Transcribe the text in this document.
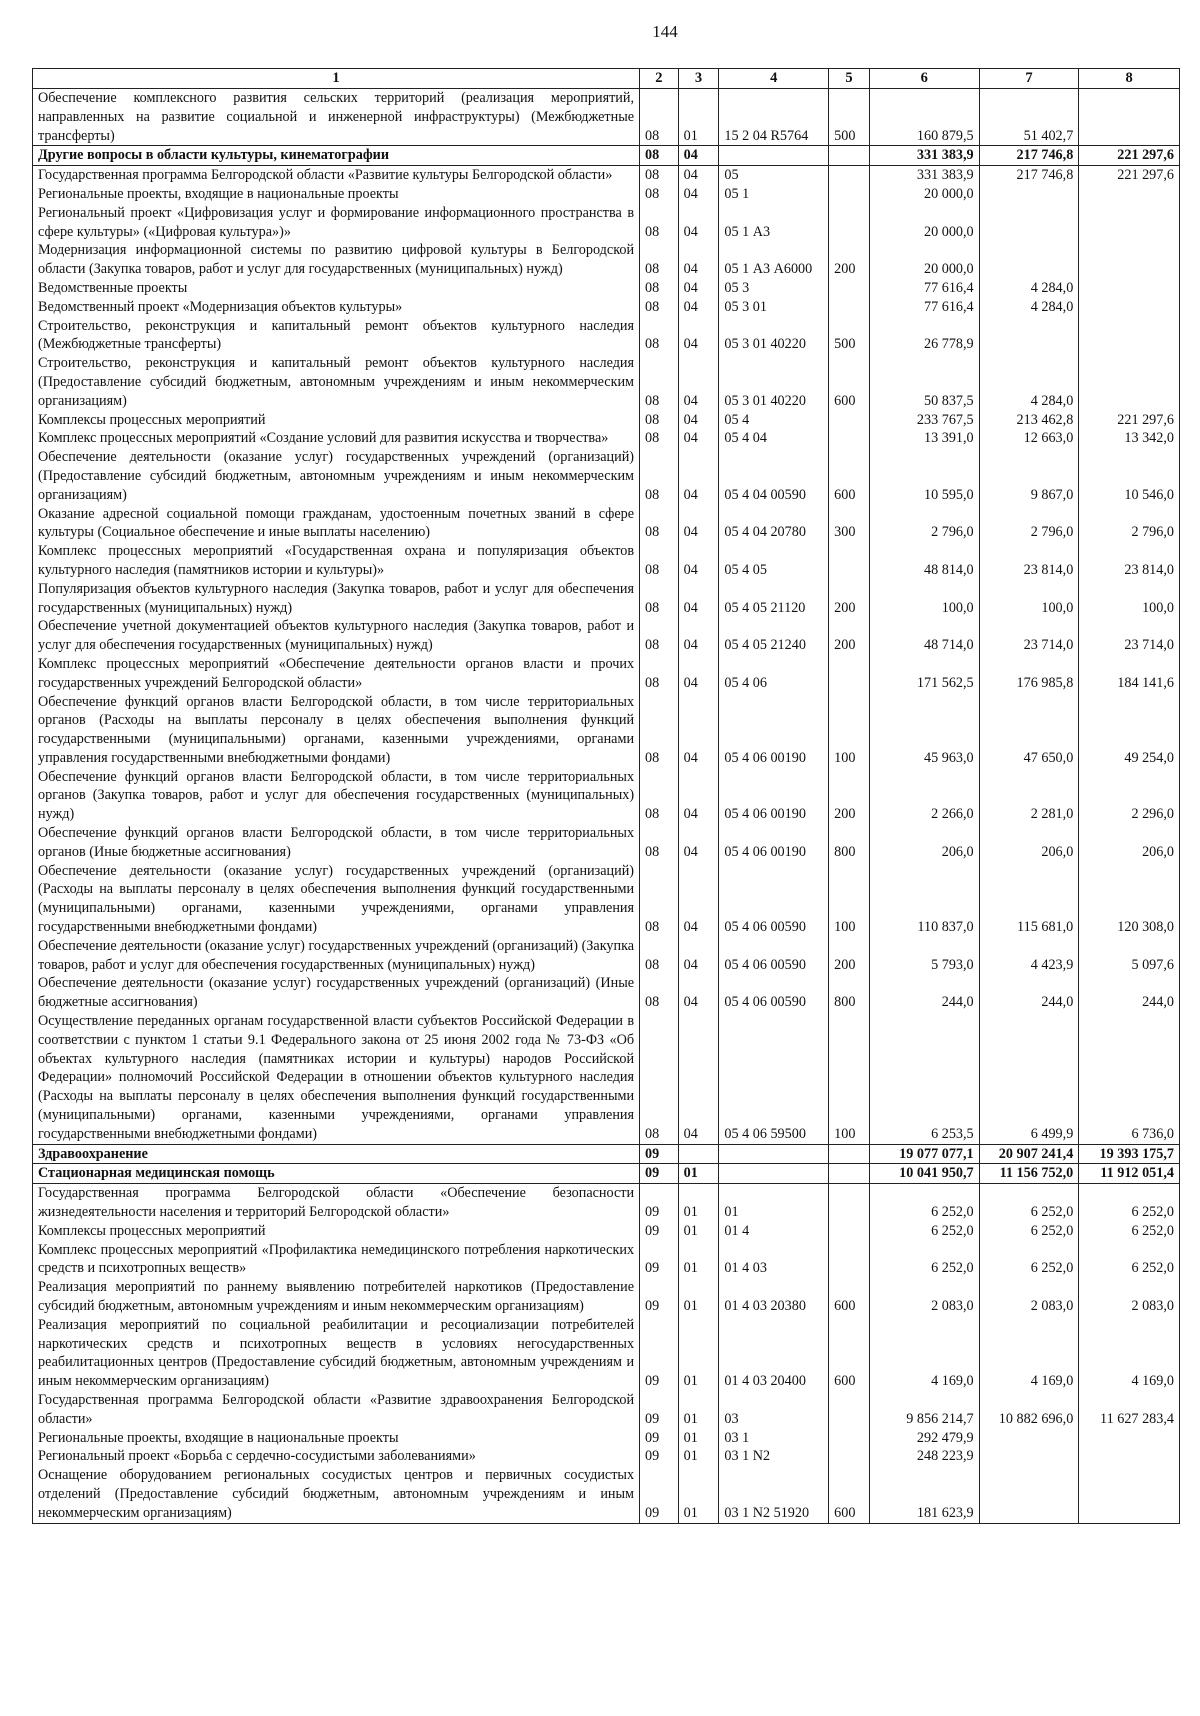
144
1	2	3	4	5	6	7	8
Обеспечение комплексного развития сельских территорий (реализация мероприятий, направленных на развитие социальной и инженерной инфраструктуры) (Межбюджетные трансферты)	08	01	15 2 04 R5764	500	160 879,5	51 402,7	
Другие вопросы в области культуры, кинематографии	08	04			331 383,9	217 746,8	221 297,6
Государственная программа Белгородской области «Развитие культуры Белгородской области»	08	04	05		331 383,9	217 746,8	221 297,6
Региональные проекты, входящие в национальные проекты	08	04	05 1		20 000,0		
Региональный проект «Цифровизация услуг и формирование информационного пространства в сфере культуры» («Цифровая культура»)»	08	04	05 1 А3		20 000,0		
Модернизация информационной системы по развитию цифровой культуры в Белгородской области (Закупка товаров, работ и услуг для государственных (муниципальных) нужд)	08	04	05 1 А3 А6000	200	20 000,0		
Ведомственные проекты	08	04	05 3		77 616,4	4 284,0	
Ведомственный проект «Модернизация объектов культуры»	08	04	05 3 01		77 616,4	4 284,0	
Строительство, реконструкция и капитальный ремонт объектов культурного наследия (Межбюджетные трансферты)	08	04	05 3 01 40220	500	26 778,9		
Строительство, реконструкция и капитальный ремонт объектов культурного наследия (Предоставление субсидий бюджетным, автономным учреждениям и иным некоммерческим организациям)	08	04	05 3 01 40220	600	50 837,5	4 284,0	
Комплексы процессных мероприятий	08	04	05 4		233 767,5	213 462,8	221 297,6
Комплекс процессных мероприятий «Создание условий для развития искусства и творчества»	08	04	05 4 04		13 391,0	12 663,0	13 342,0
Обеспечение деятельности (оказание услуг) государственных учреждений (организаций) (Предоставление субсидий бюджетным, автономным учреждениям и иным некоммерческим организациям)	08	04	05 4 04 00590	600	10 595,0	9 867,0	10 546,0
Оказание адресной социальной помощи гражданам, удостоенным почетных званий в сфере культуры (Социальное обеспечение и иные выплаты населению)	08	04	05 4 04 20780	300	2 796,0	2 796,0	2 796,0
Комплекс процессных мероприятий «Государственная охрана и популяризация объектов культурного наследия (памятников истории и культуры)»	08	04	05 4 05		48 814,0	23 814,0	23 814,0
Популяризация объектов культурного наследия (Закупка товаров, работ и услуг для обеспечения государственных (муниципальных) нужд)	08	04	05 4 05 21120	200	100,0	100,0	100,0
Обеспечение учетной документацией объектов культурного наследия (Закупка товаров, работ и услуг для обеспечения государственных (муниципальных) нужд)	08	04	05 4 05 21240	200	48 714,0	23 714,0	23 714,0
Комплекс процессных мероприятий «Обеспечение деятельности органов власти и прочих государственных учреждений Белгородской области»	08	04	05 4 06		171 562,5	176 985,8	184 141,6
Обеспечение функций органов власти Белгородской области, в том числе территориальных органов (Расходы на выплаты персоналу в целях обеспечения выполнения функций государственными (муниципальными) органами, казенными учреждениями, органами управления государственными внебюджетными фондами)	08	04	05 4 06 00190	100	45 963,0	47 650,0	49 254,0
Обеспечение функций органов власти Белгородской области, в том числе территориальных органов (Закупка товаров, работ и услуг для обеспечения государственных (муниципальных) нужд)	08	04	05 4 06 00190	200	2 266,0	2 281,0	2 296,0
Обеспечение функций органов власти Белгородской области, в том числе территориальных органов (Иные бюджетные ассигнования)	08	04	05 4 06 00190	800	206,0	206,0	206,0
Обеспечение деятельности (оказание услуг) государственных учреждений (организаций) (Расходы на выплаты персоналу в целях обеспечения выполнения функций государственными (муниципальными) органами, казенными учреждениями, органами управления государственными внебюджетными фондами)	08	04	05 4 06 00590	100	110 837,0	115 681,0	120 308,0
Обеспечение деятельности (оказание услуг) государственных учреждений (организаций) (Закупка товаров, работ и услуг для обеспечения государственных (муниципальных) нужд)	08	04	05 4 06 00590	200	5 793,0	4 423,9	5 097,6
Обеспечение деятельности (оказание услуг) государственных учреждений (организаций) (Иные бюджетные ассигнования)	08	04	05 4 06 00590	800	244,0	244,0	244,0
Осуществление переданных органам государственной власти субъектов Российской Федерации в соответствии с пунктом 1 статьи 9.1 Федерального закона от 25 июня 2002 года № 73-ФЗ «Об объектах культурного наследия (памятниках истории и культуры) народов Российской Федерации» полномочий Российской Федерации в отношении объектов культурного наследия (Расходы на выплаты персоналу в целях обеспечения выполнения функций государственными (муниципальными) органами, казенными учреждениями, органами управления государственными внебюджетными фондами)	08	04	05 4 06 59500	100	6 253,5	6 499,9	6 736,0
Здравоохранение	09				19 077 077,1	20 907 241,4	19 393 175,7
Стационарная медицинская помощь	09	01			10 041 950,7	11 156 752,0	11 912 051,4
Государственная программа Белгородской области «Обеспечение безопасности жизнедеятельности населения и территорий Белгородской области»	09	01	01		6 252,0	6 252,0	6 252,0
Комплексы процессных мероприятий	09	01	01 4		6 252,0	6 252,0	6 252,0
Комплекс процессных мероприятий «Профилактика немедицинского потребления наркотических средств и психотропных веществ»	09	01	01 4 03		6 252,0	6 252,0	6 252,0
Реализация мероприятий по раннему выявлению потребителей наркотиков (Предоставление субсидий бюджетным, автономным учреждениям и иным некоммерческим организациям)	09	01	01 4 03 20380	600	2 083,0	2 083,0	2 083,0
Реализация мероприятий по социальной реабилитации и ресоциализации потребителей наркотических средств и психотропных веществ в условиях негосударственных реабилитационных центров (Предоставление субсидий бюджетным, автономным учреждениям и иным некоммерческим организациям)	09	01	01 4 03 20400	600	4 169,0	4 169,0	4 169,0
Государственная программа Белгородской области «Развитие здравоохранения Белгородской области»	09	01	03		9 856 214,7	10 882 696,0	11 627 283,4
Региональные проекты, входящие в национальные проекты	09	01	03 1		292 479,9		
Региональный проект «Борьба с сердечно-сосудистыми заболеваниями»	09	01	03 1 N2		248 223,9		
Оснащение оборудованием региональных сосудистых центров и первичных сосудистых отделений (Предоставление субсидий бюджетным, автономным учреждениям и иным некоммерческим организациям)	09	01	03 1 N2 51920	600	181 623,9		
